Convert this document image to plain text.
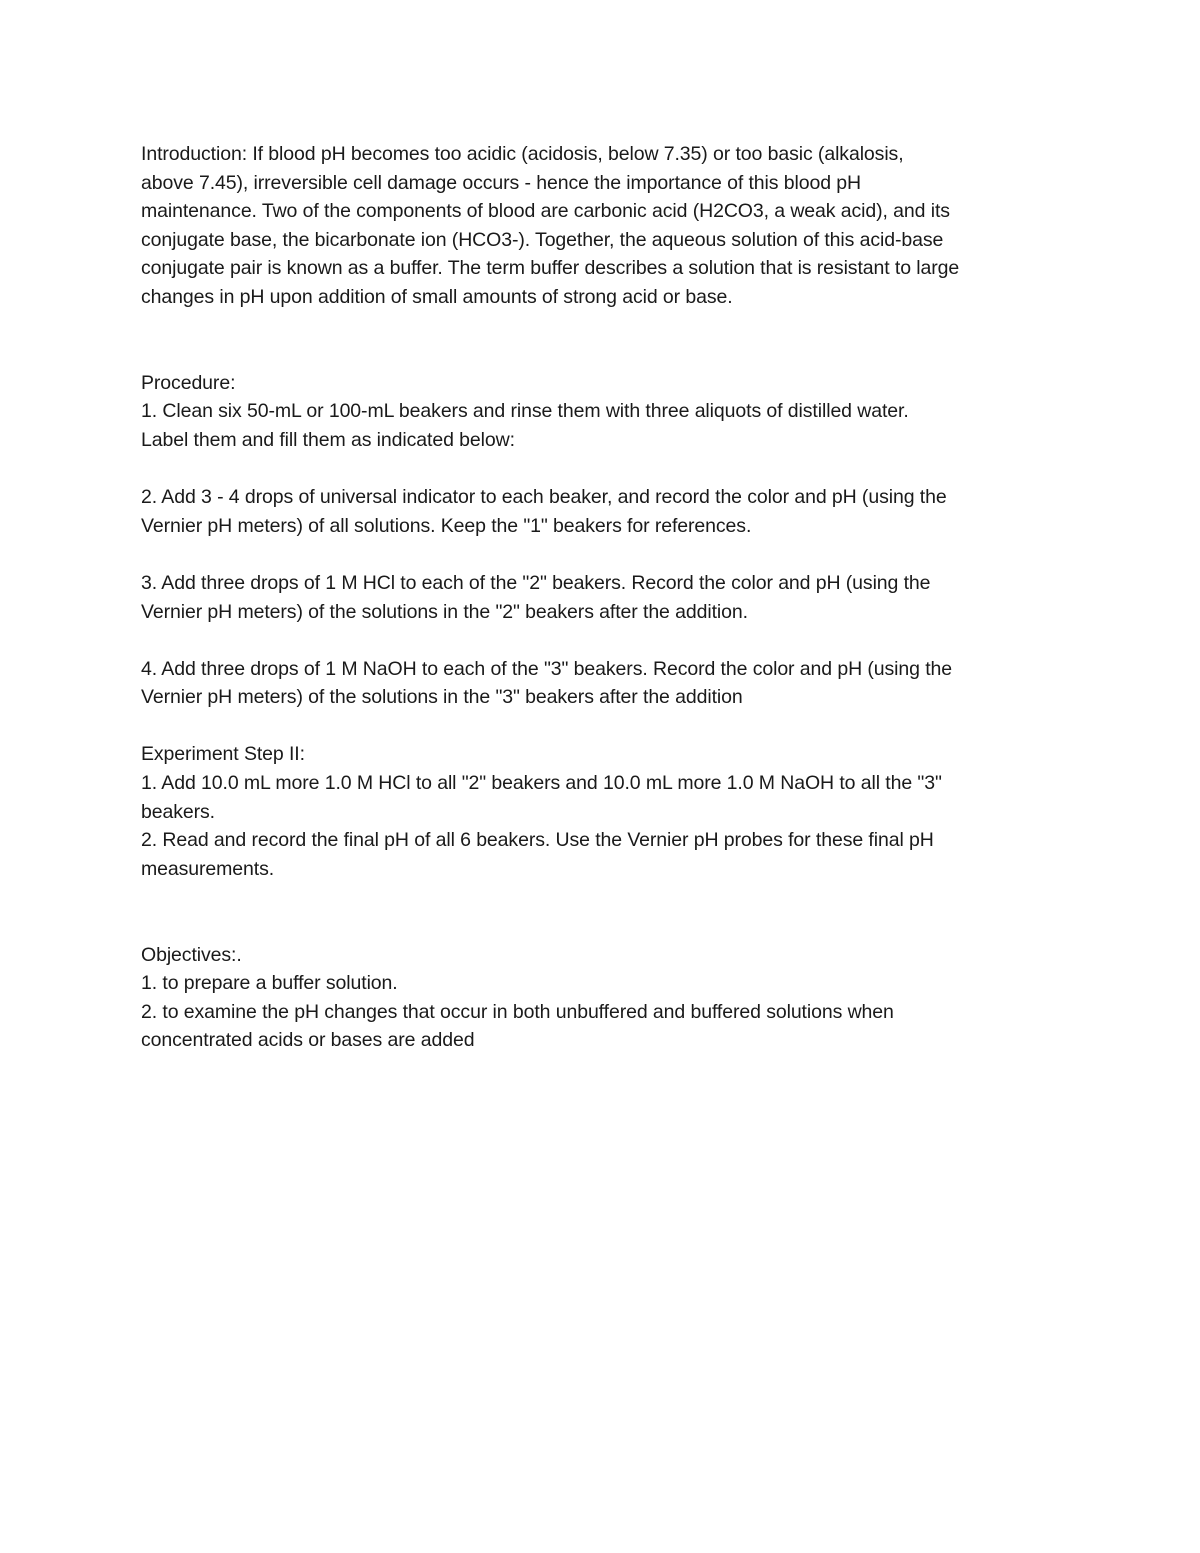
Introduction: If blood pH becomes too acidic (acidosis, below 7.35) or too basic (alkalosis,
above 7.45), irreversible cell damage occurs - hence the importance of this blood pH
maintenance. Two of the components of blood are carbonic acid (H2CO3, a weak acid), and its
conjugate base, the bicarbonate ion (HCO3-). Together, the aqueous solution of this acid-base
conjugate pair is known as a buffer. The term buffer describes a solution that is resistant to large
changes in pH upon addition of small amounts of strong acid or base.
Procedure:
1. Clean six 50-mL or 100-mL beakers and rinse them with three aliquots of distilled water.
Label them and fill them as indicated below:
2. Add 3 - 4 drops of universal indicator to each beaker, and record the color and pH (using the
Vernier pH meters) of all solutions. Keep the "1" beakers for references.
3. Add three drops of 1 M HCl to each of the "2" beakers. Record the color and pH (using the
Vernier pH meters) of the solutions in the "2" beakers after the addition.
4. Add three drops of 1 M NaOH to each of the "3" beakers. Record the color and pH (using the
Vernier pH meters) of the solutions in the "3" beakers after the addition
Experiment Step II:
1. Add 10.0 mL more 1.0 M HCl to all "2" beakers and 10.0 mL more 1.0 M NaOH to all the "3"
beakers.
2. Read and record the final pH of all 6 beakers. Use the Vernier pH probes for these final pH
measurements.
Objectives:.
1. to prepare a buffer solution.
2. to examine the pH changes that occur in both unbuffered and buffered solutions when
concentrated acids or bases are added
